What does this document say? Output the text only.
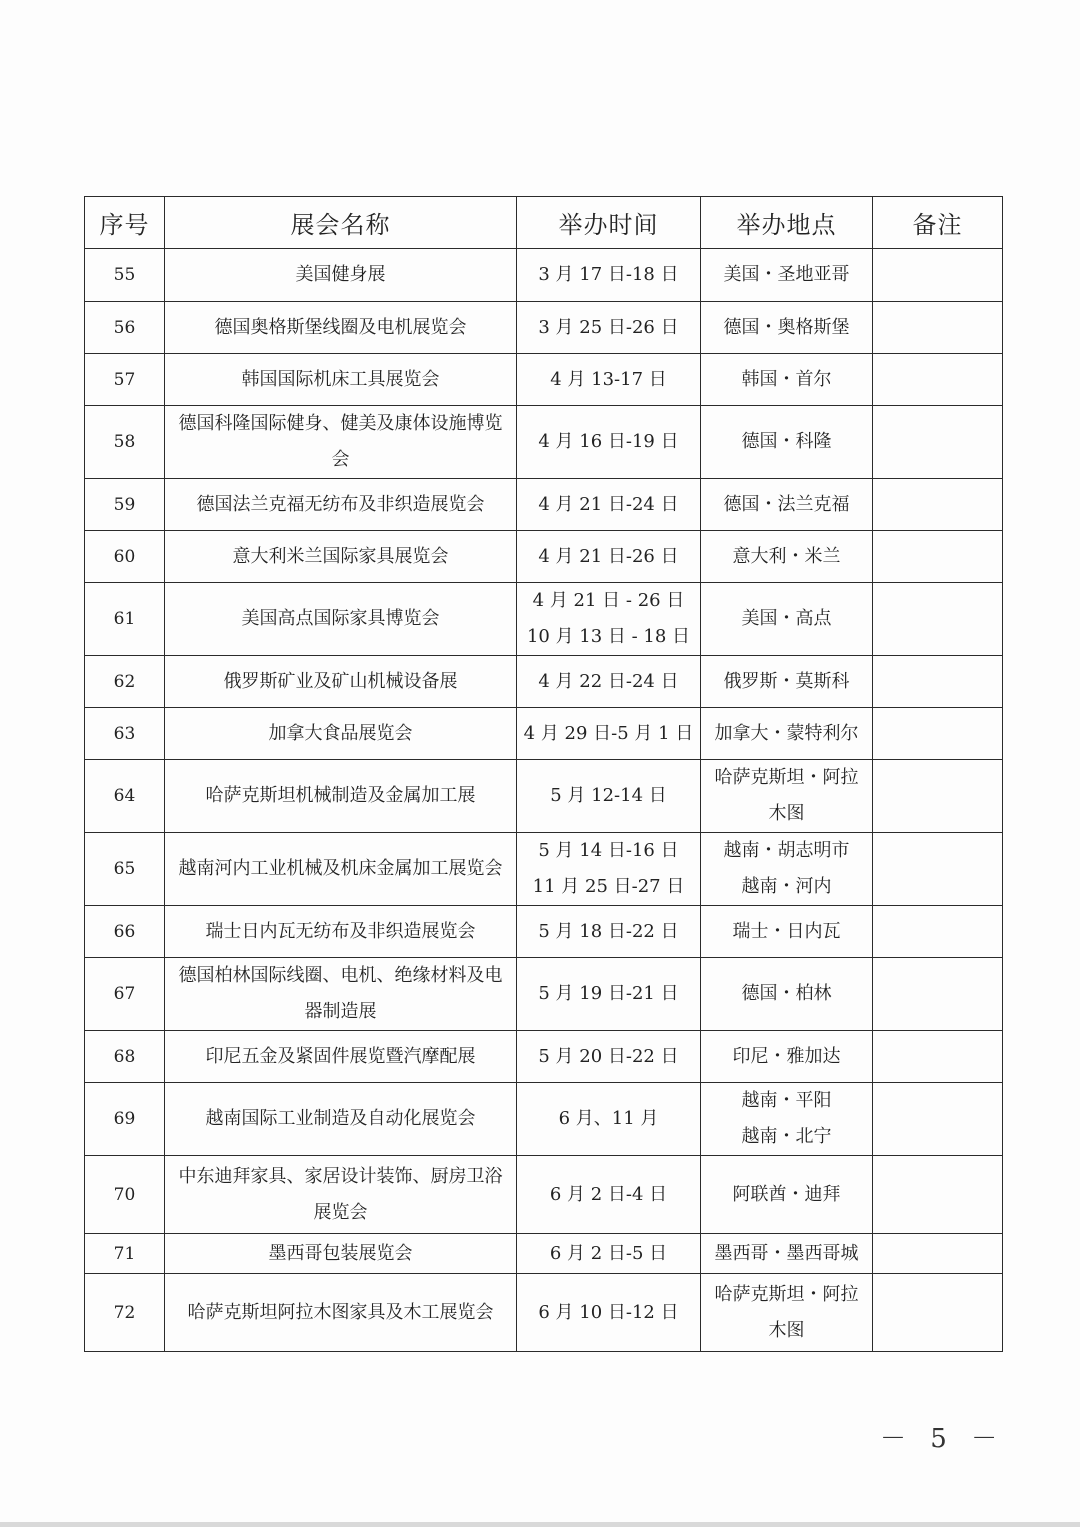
序号	展会名称	举办时间	举办地点	备注
55	美国健身展	3 月 17 日-18 日	美国・圣地亚哥	

56	德国奥格斯堡线圈及电机展览会	3 月 25 日-26 日	德国・奥格斯堡	

57	韩国国际机床工具展览会	4 月 13-17 日	韩国・首尔	

58	德国科隆国际健身、健美及康体设施博览会	4 月 16 日-19 日	德国・科隆	

59	德国法兰克福无纺布及非织造展览会	4 月 21 日-24 日	德国・法兰克福	

60	意大利米兰国际家具展览会	4 月 21 日-26 日	意大利・米兰	

61	美国高点国际家具博览会	4 月 21 日 - 26 日
10 月 13 日 - 18 日	美国・高点	

62	俄罗斯矿业及矿山机械设备展	4 月 22 日-24 日	俄罗斯・莫斯科	

63	加拿大食品展览会	4 月 29 日-5 月 1 日	加拿大・蒙特利尔	

64	哈萨克斯坦机械制造及金属加工展	5 月 12-14 日	哈萨克斯坦・阿拉
木图	

65	越南河内工业机械及机床金属加工展览会	5 月 14 日-16 日
11 月 25 日-27 日	越南・胡志明市
越南・河内	

66	瑞士日内瓦无纺布及非织造展览会	5 月 18 日-22 日	瑞士・日内瓦	

67	德国柏林国际线圈、电机、绝缘材料及电器制造展	5 月 19 日-21 日	德国・柏林	

68	印尼五金及紧固件展览暨汽摩配展	5 月 20 日-22 日	印尼・雅加达	

69	越南国际工业制造及自动化展览会	6 月、11 月	越南・平阳
越南・北宁	

70	中东迪拜家具、家居设计装饰、厨房卫浴展览会	6 月 2 日-4 日	阿联酋・迪拜	

71	墨西哥包装展览会	6 月 2 日-5 日	墨西哥・墨西哥城	

72	哈萨克斯坦阿拉木图家具及木工展览会	6 月 10 日-12 日	哈萨克斯坦・阿拉
木图	

－ 5 －
